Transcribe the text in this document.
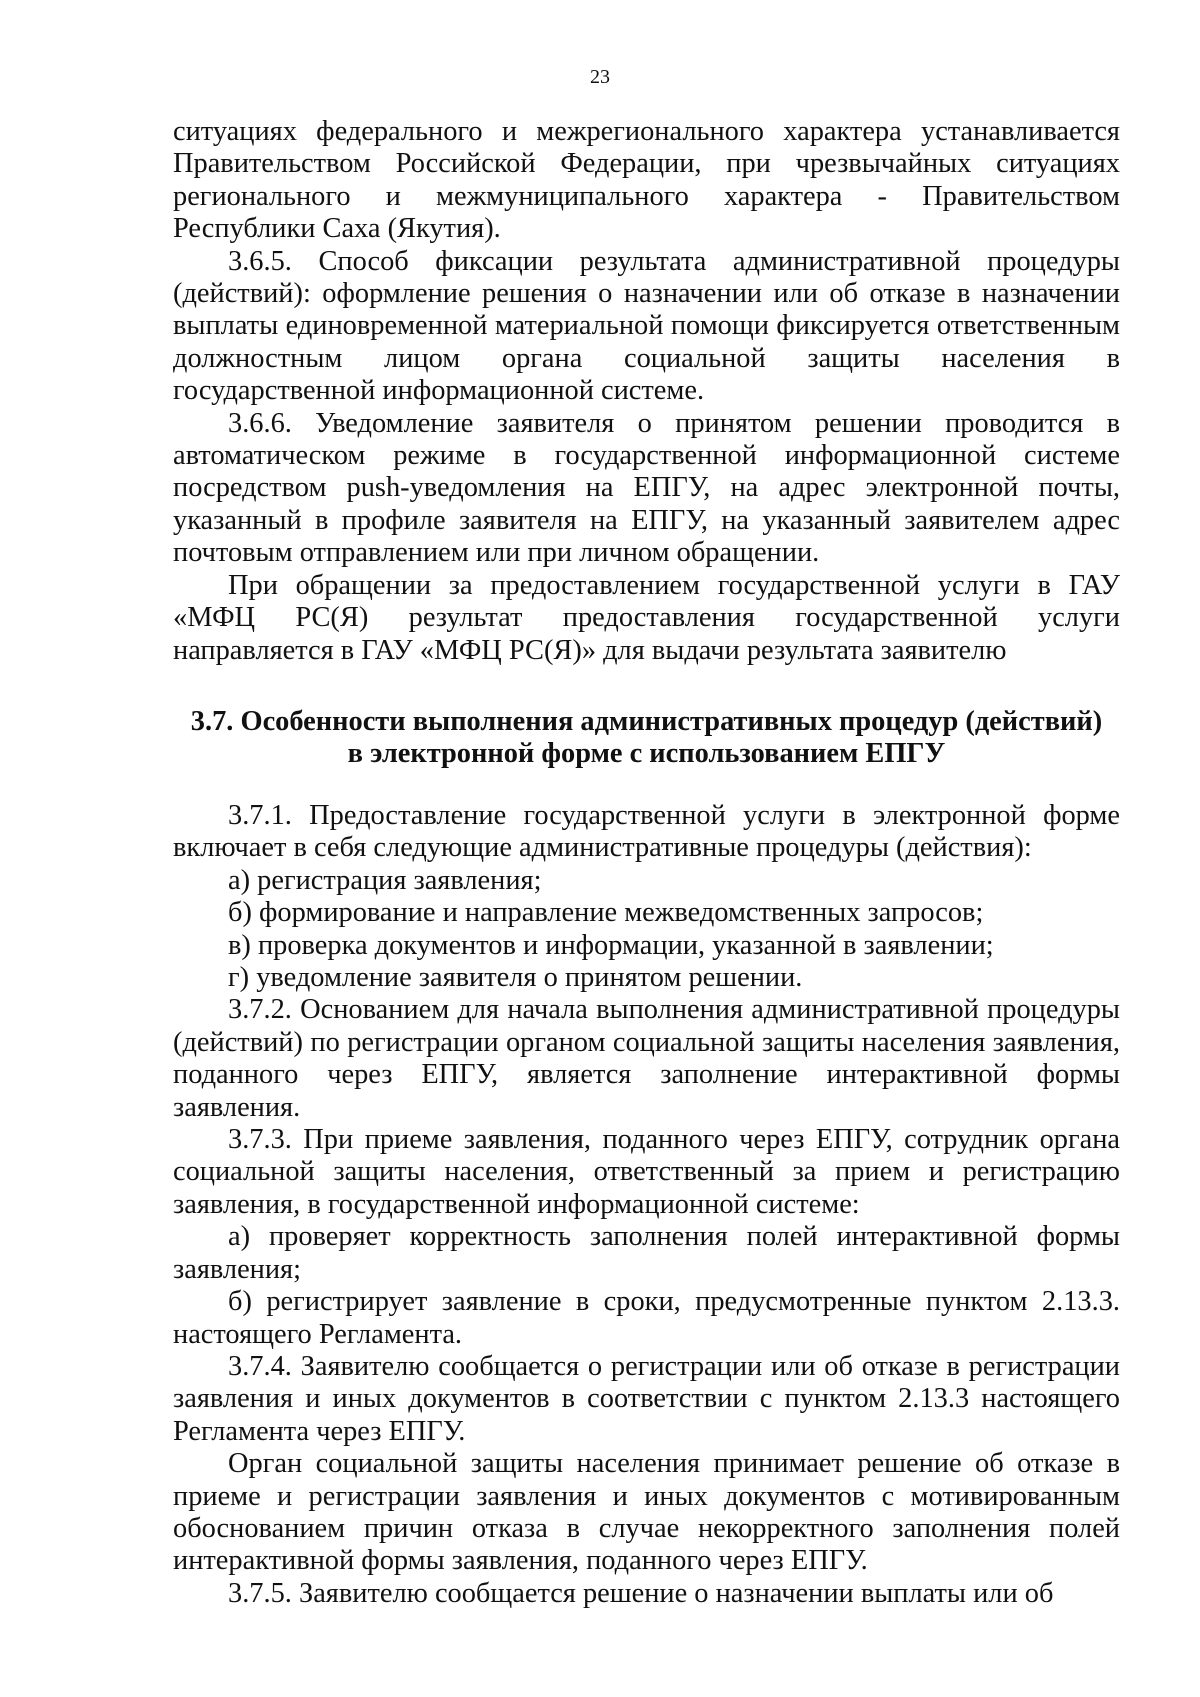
23

ситуациях федерального и межрегионального характера устанавливается Правительством Российской Федерации, при чрезвычайных ситуациях регионального и межмуниципального характера - Правительством Республики Саха (Якутия).

3.6.5. Способ фиксации результата административной процедуры (действий): оформление решения о назначении или об отказе в назначении выплаты единовременной материальной помощи фиксируется ответственным должностным лицом органа социальной защиты населения в государственной информационной системе.

3.6.6. Уведомление заявителя о принятом решении проводится в автоматическом режиме в государственной информационной системе посредством push-уведомления на ЕПГУ, на адрес электронной почты, указанный в профиле заявителя на ЕПГУ, на указанный заявителем адрес почтовым отправлением или при личном обращении.

При обращении за предоставлением государственной услуги в ГАУ «МФЦ РС(Я) результат предоставления государственной услуги направляется в ГАУ «МФЦ РС(Я)» для выдачи результата заявителю

3.7. Особенности выполнения административных процедур (действий)
в электронной форме с использованием ЕПГУ

3.7.1. Предоставление государственной услуги в электронной форме включает в себя следующие административные процедуры (действия):

а) регистрация заявления;

б) формирование и направление межведомственных запросов;

в) проверка документов и информации, указанной в заявлении;

г) уведомление заявителя о принятом решении.

3.7.2. Основанием для начала выполнения административной процедуры (действий) по регистрации органом социальной защиты населения заявления, поданного через ЕПГУ, является заполнение интерактивной формы заявления.

3.7.3. При приеме заявления, поданного через ЕПГУ, сотрудник органа социальной защиты населения, ответственный за прием и регистрацию заявления, в государственной информационной системе:

а) проверяет корректность заполнения полей интерактивной формы заявления;

б) регистрирует заявление в сроки, предусмотренные пунктом 2.13.3. настоящего Регламента.

3.7.4. Заявителю сообщается о регистрации или об отказе в регистрации заявления и иных документов в соответствии с пунктом 2.13.3 настоящего Регламента через ЕПГУ.

Орган социальной защиты населения принимает решение об отказе в приеме и регистрации заявления и иных документов с мотивированным обоснованием причин отказа в случае некорректного заполнения полей интерактивной формы заявления, поданного через ЕПГУ.

3.7.5. Заявителю сообщается решение о назначении выплаты или об
